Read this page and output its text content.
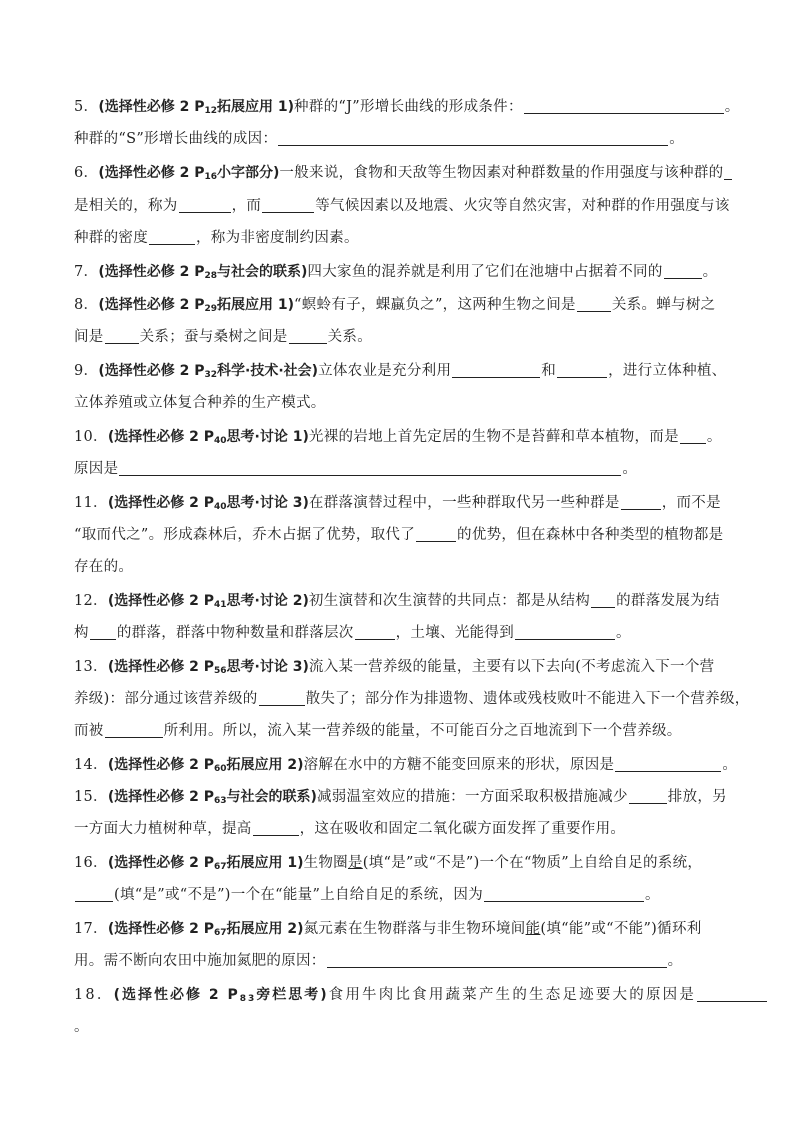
5．(选择性必修 2 $P_{12}$拓展应用 1)种群的“J”形增长曲线的形成条件：	。
种群的“S”形增长曲线的成因：	。
6．(选择性必修 2 $P_{16}$小字部分)一般来说，食物和天敌等生物因素对种群数量的作用强度与该种群的
是相关的，称为	，而	等气候因素以及地震、火灾等自然灾害，对种群的作用强度与该
种群的密度	，称为非密度制约因素。
7．(选择性必修 2 $P_{28}$与社会的联系)四大家鱼的混养就是利用了它们在池塘中占据着不同的	。
8．(选择性必修 2 $P_{29}$拓展应用 1)“螟蛉有子，蜾蠃负之”，这两种生物之间是 关系。蝉与树之
间是 关系；蚕与桑树之间是	关系。
9．(选择性必修 2 $P_{32}$科学·技术·社会)立体农业是充分利用	和	，进行立体种植、
立体养殖或立体复合种养的生产模式。
10．(选择性必修 2 $P_{40}$思考·讨论 1)光裸的岩地上首先定居的生物不是苔藓和草本植物，而是 。
原因是	。
11．(选择性必修 2 $P_{40}$思考·讨论 3)在群落演替过程中，一些种群取代另一些种群是	，而不是
“取而代之”。形成森林后，乔木占据了优势，取代了	的优势，但在森林中各种类型的植物都是
存在的。
12．(选择性必修 2 $P_{41}$思考·讨论 2)初生演替和次生演替的共同点：都是从结构 的群落发展为结
构 的群落，群落中物种数量和群落层次	，土壤、光能得到	。
13．(选择性必修 2 $P_{56}$思考·讨论 3)流入某一营养级的能量，主要有以下去向(不考虑流入下一个营
养级)：部分通过该营养级的	散失了；部分作为排遗物、遗体或残枝败叶不能进入下一个营养级，
而被	所利用。所以，流入某一营养级的能量，不可能百分之百地流到下一个营养级。
14．(选择性必修 2 $P_{60}$拓展应用 2)溶解在水中的方糖不能变回原来的形状，原因是	。
15．(选择性必修 2 $P_{63}$与社会的联系)减弱温室效应的措施：一方面采取积极措施减少	排放，另
一方面大力植树种草，提高	，这在吸收和固定二氧化碳方面发挥了重要作用。
16．(选择性必修 2 $P_{67}$拓展应用 1)生物圈是(填“是”或“不是”)一个在“物质”上自给自足的系统，
(填“是”或“不是”)一个在“能量”上自给自足的系统，因为	。
17．(选择性必修 2 $P_{67}$拓展应用 2)氮元素在生物群落与非生物环境间能(填“能”或“不能”)循环利
用。需不断向农田中施加氮肥的原因：	。
18．(选择性必修 2 $P_{83}$旁栏思考)食用牛肉比食用蔬菜产生的生态足迹要大的原因是
。
